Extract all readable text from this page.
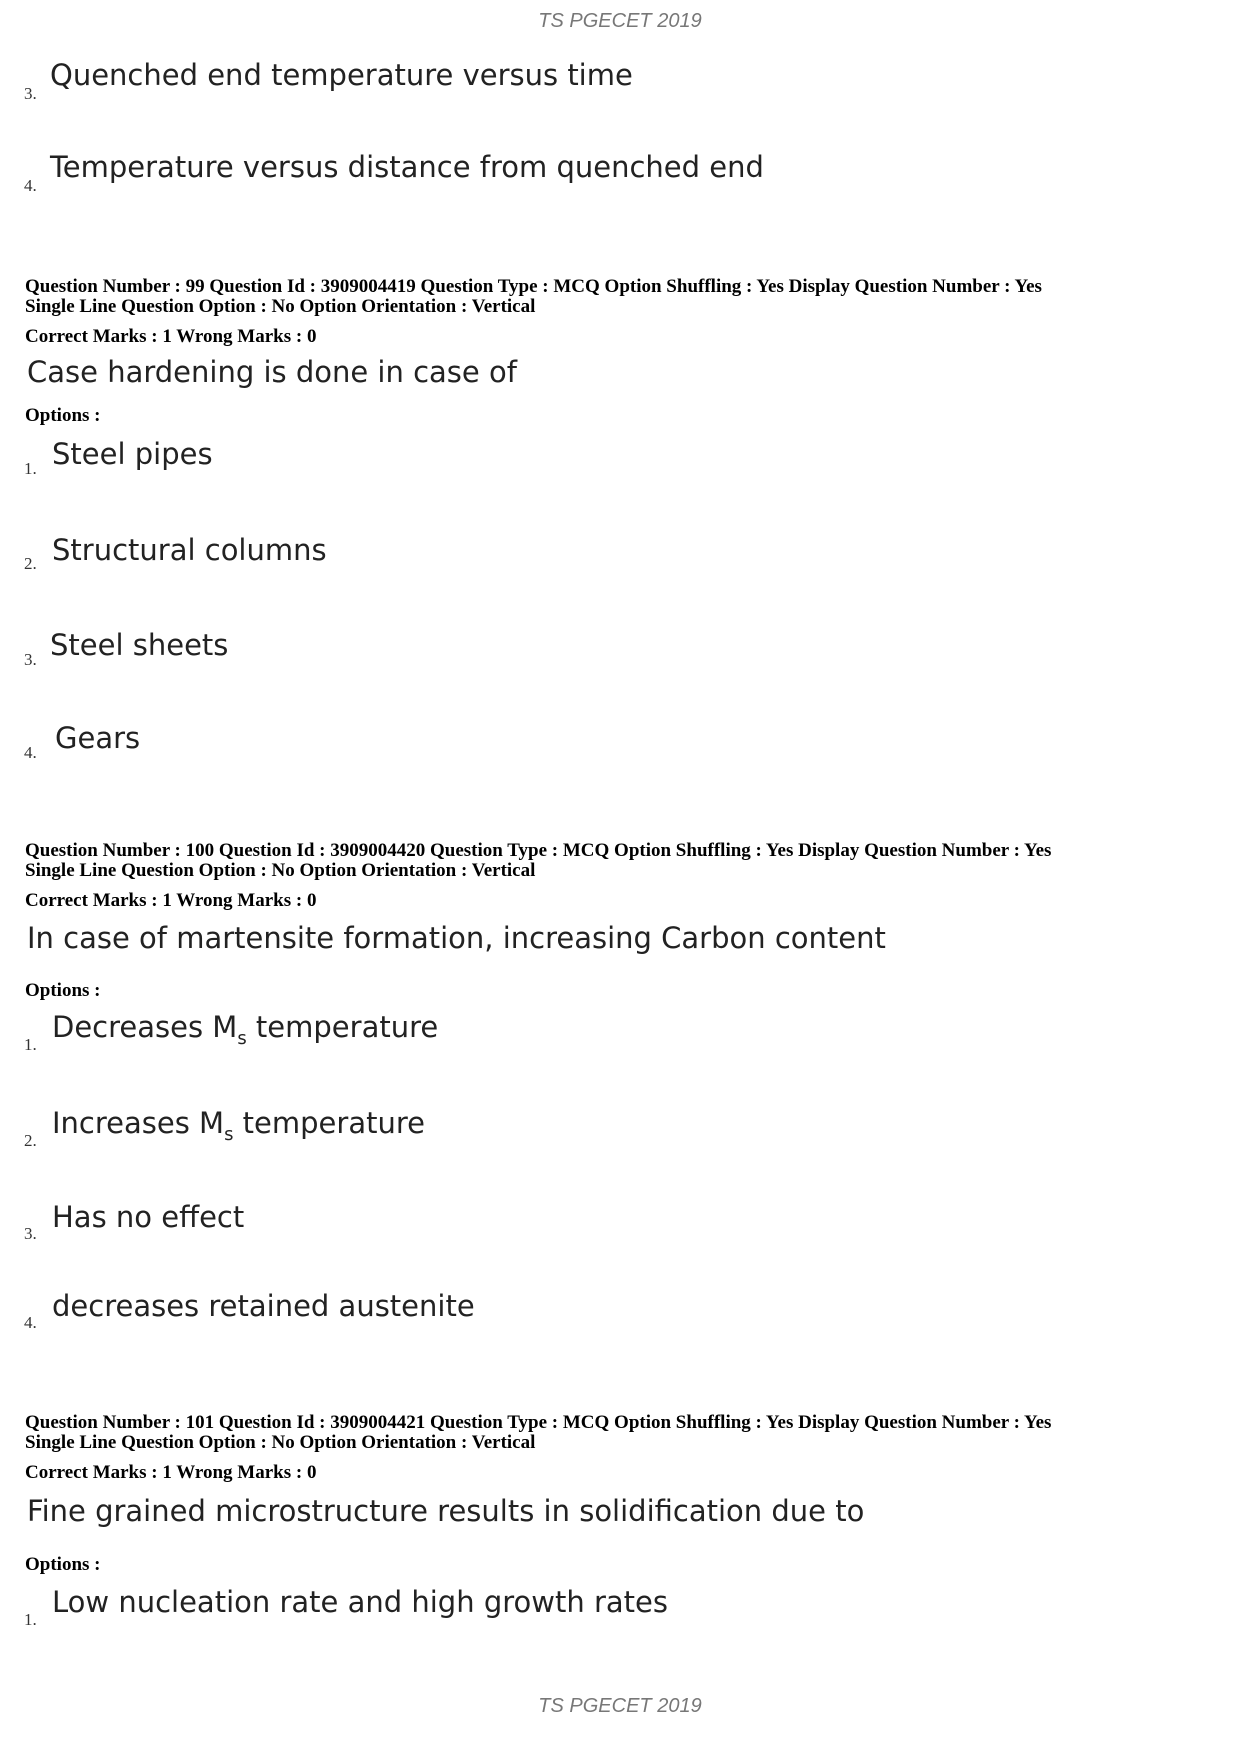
TS PGECET 2019
3.
Quenched end temperature versus time
4.
Temperature versus distance from quenched end
Question Number : 99 Question Id : 3909004419 Question Type : MCQ Option Shuffling : Yes Display Question Number : Yes
Single Line Question Option : No Option Orientation : Vertical
Correct Marks : 1 Wrong Marks : 0
Case hardening is done in case of
Options :
1. Steel pipes
2. Structural columns
3. Steel sheets
4. Gears
Question Number : 100 Question Id : 3909004420 Question Type : MCQ Option Shuffling : Yes Display Question Number : Yes
Single Line Question Option : No Option Orientation : Vertical
Correct Marks : 1 Wrong Marks : 0
In case of martensite formation, increasing Carbon content
Options :
1.
Decreases $M_s$ temperature
2.
Increases $M_s$ temperature
3. Has no effect
4. decreases retained austenite
Question Number : 101 Question Id : 3909004421 Question Type : MCQ Option Shuffling : Yes Display Question Number : Yes
Single Line Question Option : No Option Orientation : Vertical
Correct Marks : 1 Wrong Marks : 0
Fine grained microstructure results in solidification due to
Options :
1.
Low nucleation rate and high growth rates
TS PGECET 2019
